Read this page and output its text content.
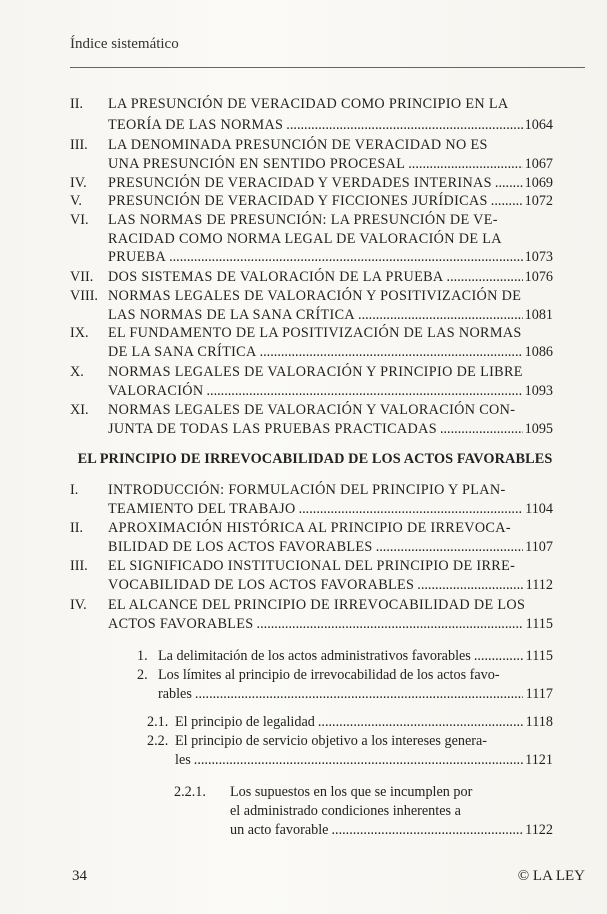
Índice sistemático
II. LA PRESUNCIÓN DE VERACIDAD COMO PRINCIPIO EN LA
TEORÍA DE LAS NORMAS .....	1064
III. LA DENOMINADA PRESUNCIÓN DE VERACIDAD NO ES
UNA PRESUNCIÓN EN SENTIDO PROCESAL .....	1067
IV. PRESUNCIÓN DE VERACIDAD Y VERDADES INTERINAS ..... 1069
V. PRESUNCIÓN DE VERACIDAD Y FICCIONES JURÍDICAS .....	1072
VI. LAS NORMAS DE PRESUNCIÓN: LA PRESUNCIÓN DE VE-
RACIDAD COMO NORMA LEGAL DE VALORACIÓN DE LA
PRUEBA .....	1073
VII. DOS SISTEMAS DE VALORACIÓN DE LA PRUEBA .....	1076
VIII. NORMAS LEGALES DE VALORACIÓN Y POSITIVIZACIÓN DE
LAS NORMAS DE LA SANA CRÍTICA .....	1081
IX. EL FUNDAMENTO DE LA POSITIVIZACIÓN DE LAS NORMAS
DE LA SANA CRÍTICA .....	1086
X. NORMAS LEGALES DE VALORACIÓN Y PRINCIPIO DE LIBRE
VALORACIÓN .....	1093
XI. NORMAS LEGALES DE VALORACIÓN Y VALORACIÓN CON-
JUNTA DE TODAS LAS PRUEBAS PRACTICADAS .....	1095
EL PRINCIPIO DE IRREVOCABILIDAD DE LOS ACTOS FAVORABLES
I. INTRODUCCIÓN: FORMULACIÓN DEL PRINCIPIO Y PLAN-
TEAMIENTO DEL TRABAJO .....	1104
II. APROXIMACIÓN HISTÓRICA AL PRINCIPIO DE IRREVOCA-
BILIDAD DE LOS ACTOS FAVORABLES .....	1107
III. EL SIGNIFICADO INSTITUCIONAL DEL PRINCIPIO DE IRRE-
VOCABILIDAD DE LOS ACTOS FAVORABLES .....	1112
IV. EL ALCANCE DEL PRINCIPIO DE IRREVOCABILIDAD DE LOS
ACTOS FAVORABLES .....	1115
1. La delimitación de los actos administrativos favorables .....	1115
2. Los límites al principio de irrevocabilidad de los actos favo-
rables .....	1117
2.1. El principio de legalidad .....	1118
2.2. El principio de servicio objetivo a los intereses genera-
les .....	1121
2.2.1. Los supuestos en los que se incumplen por
el administrado condiciones inherentes a
un acto favorable .....	1122
34	© LA LEY
